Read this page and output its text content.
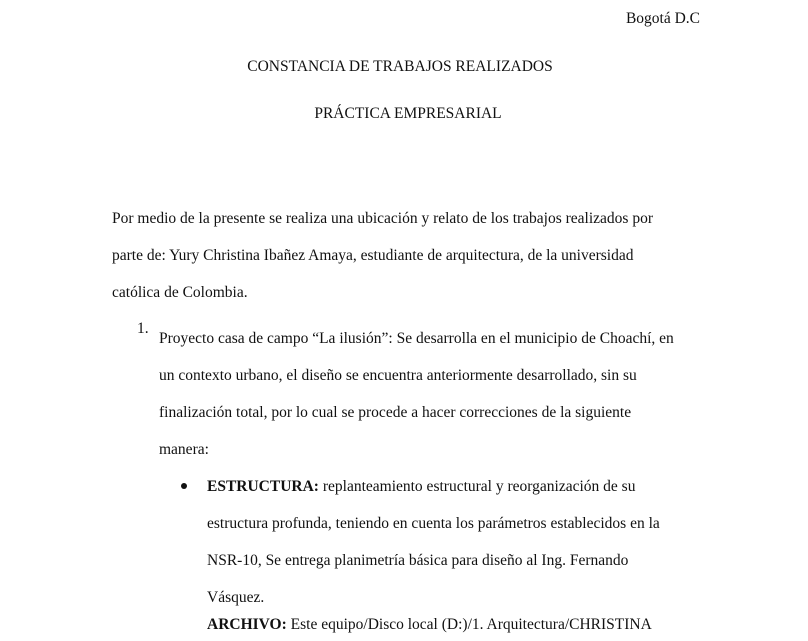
Bogotá D.C
CONSTANCIA DE TRABAJOS REALIZADOS
PRÁCTICA EMPRESARIAL
Por medio de la presente se realiza una ubicación y relato de los trabajos realizados por
parte de: Yury Christina Ibañez Amaya, estudiante de arquitectura, de la universidad
católica de Colombia.
1.
Proyecto casa de campo “La ilusión”: Se desarrolla en el municipio de Choachí, en
un contexto urbano, el diseño se encuentra anteriormente desarrollado, sin su
finalización total, por lo cual se procede a hacer correcciones de la siguiente
manera:
ESTRUCTURA: replanteamiento estructural y reorganización de su
estructura profunda, teniendo en cuenta los parámetros establecidos en la
NSR-10, Se entrega planimetría básica para diseño al Ing. Fernando
Vásquez.
ARCHIVO: Este equipo/Disco local (D:)/1. Arquitectura/CHRISTINA
